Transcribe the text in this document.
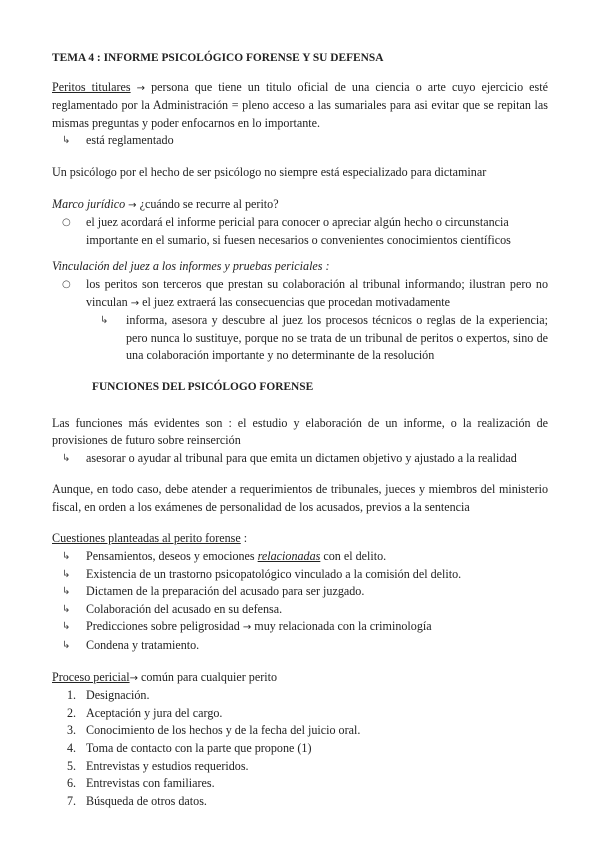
TEMA 4 : INFORME PSICOLÓGICO FORENSE Y SU DEFENSA

Peritos titulares → persona que tiene un titulo oficial de una ciencia o arte cuyo ejercicio esté reglamentado por la Administración = pleno acceso a las sumariales para asi evitar que se repitan las mismas preguntas y poder enfocarnos en lo importante.

↳ está reglamentado

Un psicólogo por el hecho de ser psicólogo no siempre está especializado para dictaminar

Marco jurídico → ¿cuándo se recurre al perito?

○ el juez acordará el informe pericial para conocer o apreciar algún hecho o circunstancia importante en el sumario, si fuesen necesarios o convenientes conocimientos científicos

Vinculación del juez a los informes y pruebas periciales :

○ los peritos son terceros que prestan su colaboración al tribunal informando; ilustran pero no vinculan → el juez extraerá las consecuencias que procedan motivadamente
↳ informa, asesora y descubre al juez los procesos técnicos o reglas de la experiencia; pero nunca lo sustituye, porque no se trata de un tribunal de peritos o expertos, sino de una colaboración importante y no determinante de la resolución

FUNCIONES DEL PSICÓLOGO FORENSE

Las funciones más evidentes son : el estudio y elaboración de un informe, o la realización de provisiones de futuro sobre reinserción

↳ asesorar o ayudar al tribunal para que emita un dictamen objetivo y ajustado a la realidad

Aunque, en todo caso, debe atender a requerimientos de tribunales, jueces y miembros del ministerio fiscal, en orden a los exámenes de personalidad de los acusados, previos a la sentencia

Cuestiones planteadas al perito forense :

↳ Pensamientos, deseos y emociones relacionadas con el delito.
↳ Existencia de un trastorno psicopatológico vinculado a la comisión del delito.
↳ Dictamen de la preparación del acusado para ser juzgado.
↳ Colaboración del acusado en su defensa.
↳ Predicciones sobre peligrosidad → muy relacionada con la criminología
↳ Condena y tratamiento.

Proceso pericial→ común para cualquier perito

1. Designación.
2. Aceptación y jura del cargo.
3. Conocimiento de los hechos y de la fecha del juicio oral.
4. Toma de contacto con la parte que propone (1)
5. Entrevistas y estudios requeridos.
6. Entrevistas con familiares.
7. Búsqueda de otros datos.
